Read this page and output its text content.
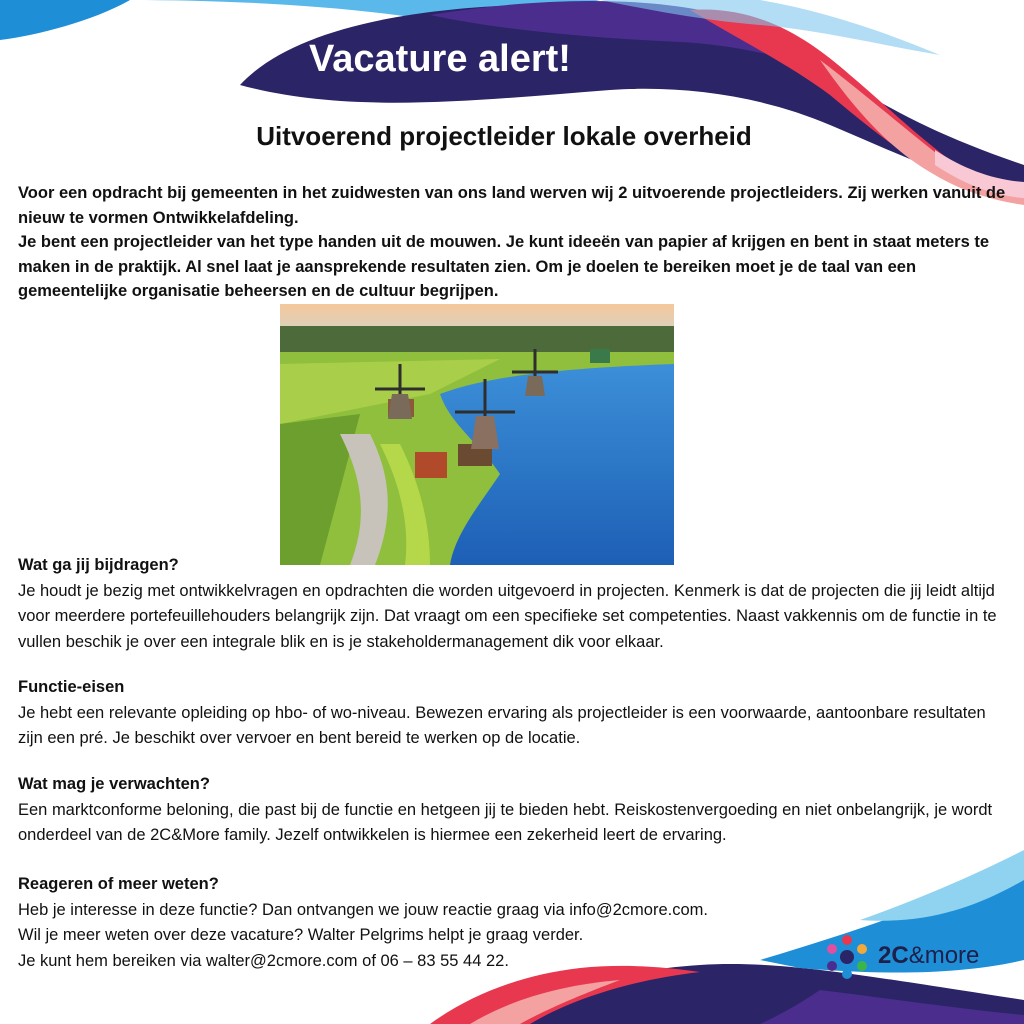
Vacature alert!
Uitvoerend projectleider lokale overheid

Voor een opdracht bij gemeenten in het zuidwesten van ons land werven wij 2 uitvoerende projectleiders. Zij werken vanuit de nieuw te vormen Ontwikkelafdeling.

Je bent een projectleider van het type handen uit de mouwen. Je kunt ideeën van papier af krijgen en bent in staat meters te maken in de praktijk. Al snel laat je aansprekende resultaten zien. Om je doelen te bereiken moet je de taal van een gemeentelijke organisatie beheersen en de cultuur begrijpen.

Wat ga jij bijdragen?

Je houdt je bezig met ontwikkelvragen en opdrachten die worden uitgevoerd in projecten. Kenmerk is dat de projecten die jij leidt altijd voor meerdere portefeuillehouders belangrijk zijn. Dat vraagt om een specifieke set competenties. Naast vakkennis om de functie in te vullen beschik je over een integrale blik en is je stakeholdermanagement dik voor elkaar.

Functie-eisen

Je hebt een relevante opleiding op hbo- of wo-niveau. Bewezen ervaring als projectleider is een voorwaarde, aantoonbare resultaten zijn een pré. Je beschikt over vervoer en bent bereid te werken op de locatie.

Wat mag je verwachten?

Een marktconforme beloning, die past bij de functie en hetgeen jij te bieden hebt. Reiskostenvergoeding en niet onbelangrijk, je wordt onderdeel van de 2C&More family. Jezelf ontwikkelen is hiermee een zekerheid leert de ervaring.

Reageren of meer weten?

Heb je interesse in deze functie? Dan ontvangen we jouw reactie graag via info@2cmore.com.

Wil je meer weten over deze vacature? Walter Pelgrims helpt je graag verder.

Je kunt hem bereiken via walter@2cmore.com of 06 – 83 55 44 22.	2C&more
